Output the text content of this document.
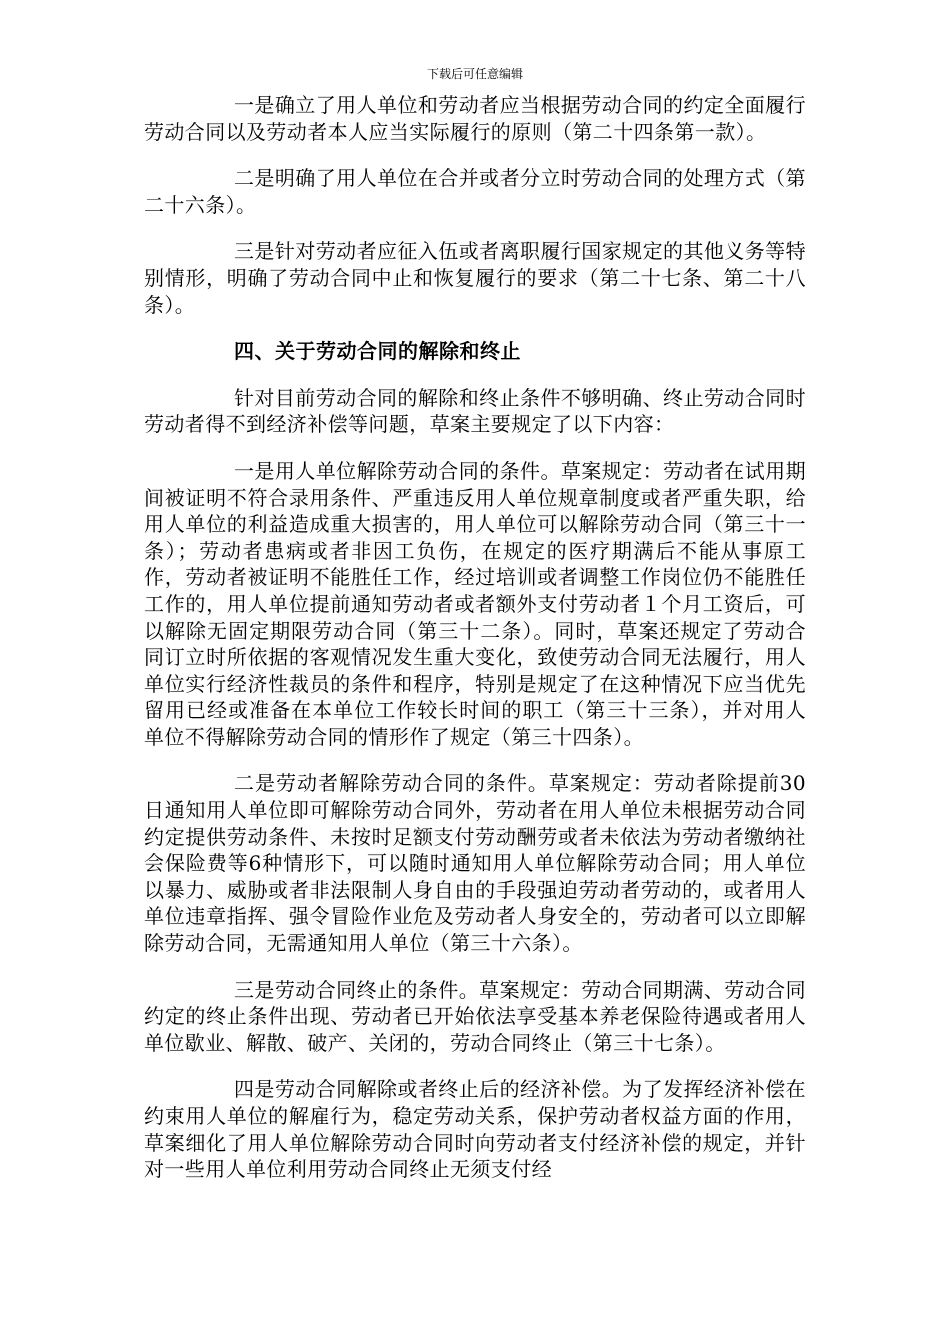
下载后可任意编辑

一是确立了用人单位和劳动者应当根据劳动合同的约定全面履行劳动合同以及劳动者本人应当实际履行的原则（第二十四条第一款）。

二是明确了用人单位在合并或者分立时劳动合同的处理方式（第二十六条）。

三是针对劳动者应征入伍或者离职履行国家规定的其他义务等特别情形，明确了劳动合同中止和恢复履行的要求（第二十七条、第二十八条）。

四、关于劳动合同的解除和终止

针对目前劳动合同的解除和终止条件不够明确、终止劳动合同时劳动者得不到经济补偿等问题，草案主要规定了以下内容：

一是用人单位解除劳动合同的条件。草案规定：劳动者在试用期间被证明不符合录用条件、严重违反用人单位规章制度或者严重失职，给用人单位的利益造成重大损害的，用人单位可以解除劳动合同（第三十一条）；劳动者患病或者非因工负伤，在规定的医疗期满后不能从事原工作，劳动者被证明不能胜任工作，经过培训或者调整工作岗位仍不能胜任工作的，用人单位提前通知劳动者或者额外支付劳动者１个月工资后，可以解除无固定期限劳动合同（第三十二条）。同时，草案还规定了劳动合同订立时所依据的客观情况发生重大变化，致使劳动合同无法履行，用人单位实行经济性裁员的条件和程序，特别是规定了在这种情况下应当优先留用已经或准备在本单位工作较长时间的职工（第三十三条），并对用人单位不得解除劳动合同的情形作了规定（第三十四条）。

二是劳动者解除劳动合同的条件。草案规定：劳动者除提前30日通知用人单位即可解除劳动合同外，劳动者在用人单位未根据劳动合同约定提供劳动条件、未按时足额支付劳动酬劳或者未依法为劳动者缴纳社会保险费等6种情形下，可以随时通知用人单位解除劳动合同；用人单位以暴力、威胁或者非法限制人身自由的手段强迫劳动者劳动的，或者用人单位违章指挥、强令冒险作业危及劳动者人身安全的，劳动者可以立即解除劳动合同，无需通知用人单位（第三十六条）。

三是劳动合同终止的条件。草案规定：劳动合同期满、劳动合同约定的终止条件出现、劳动者已开始依法享受基本养老保险待遇或者用人单位歇业、解散、破产、关闭的，劳动合同终止（第三十七条）。

四是劳动合同解除或者终止后的经济补偿。为了发挥经济补偿在约束用人单位的解雇行为，稳定劳动关系，保护劳动者权益方面的作用，草案细化了用人单位解除劳动合同时向劳动者支付经济补偿的规定，并针对一些用人单位利用劳动合同终止无须支付经
